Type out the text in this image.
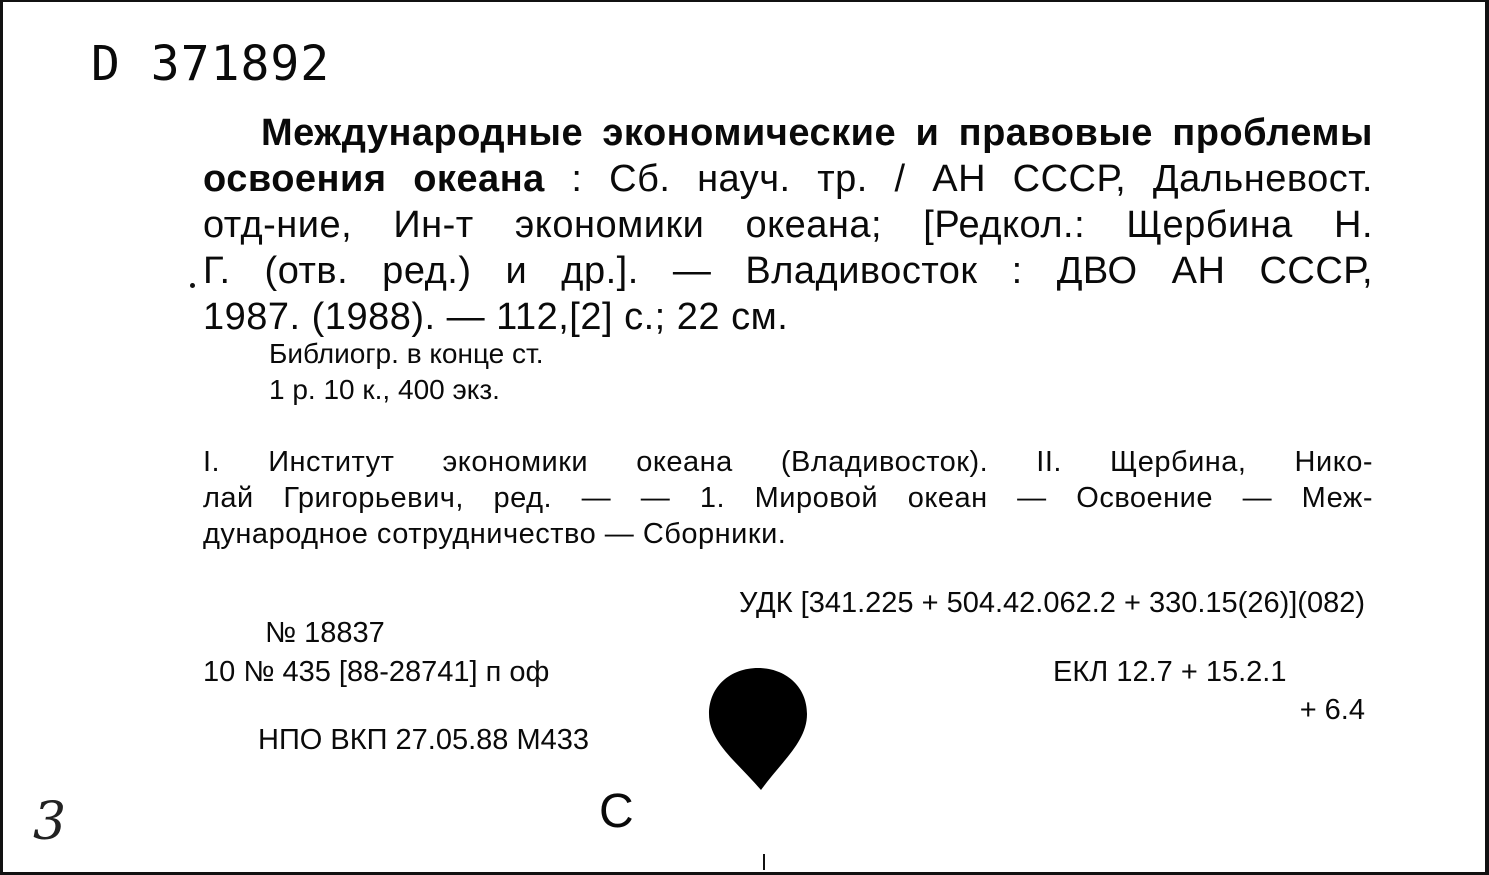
D 371892
Международные экономические и правовые проблемы
освоения океана : Сб. науч. тр. / АН СССР, Дальневост.
отд-ние, Ин-т экономики океана; [Редкол.: Щербина Н.
Г. (отв. ред.) и др.]. — Владивосток : ДВО АН СССР,
1987. (1988). — 112,[2] с.; 22 см.
Библиогр. в конце ст.
1 р. 10 к., 400 экз.
I. Институт экономики океана (Владивосток). II. Щербина, Нико-
лай Григорьевич, ред. — — 1. Мировой океан — Освоение — Меж-
дународное сотрудничество — Сборники.
УДК [341.225 + 504.42.062.2 + 330.15(26)](082)
№ 18837
10 № 435 [88-28741] п оф	ЕКЛ 12.7 + 15.2.1
+ 6.4
НПО ВКП 27.05.88 М433
С
3
